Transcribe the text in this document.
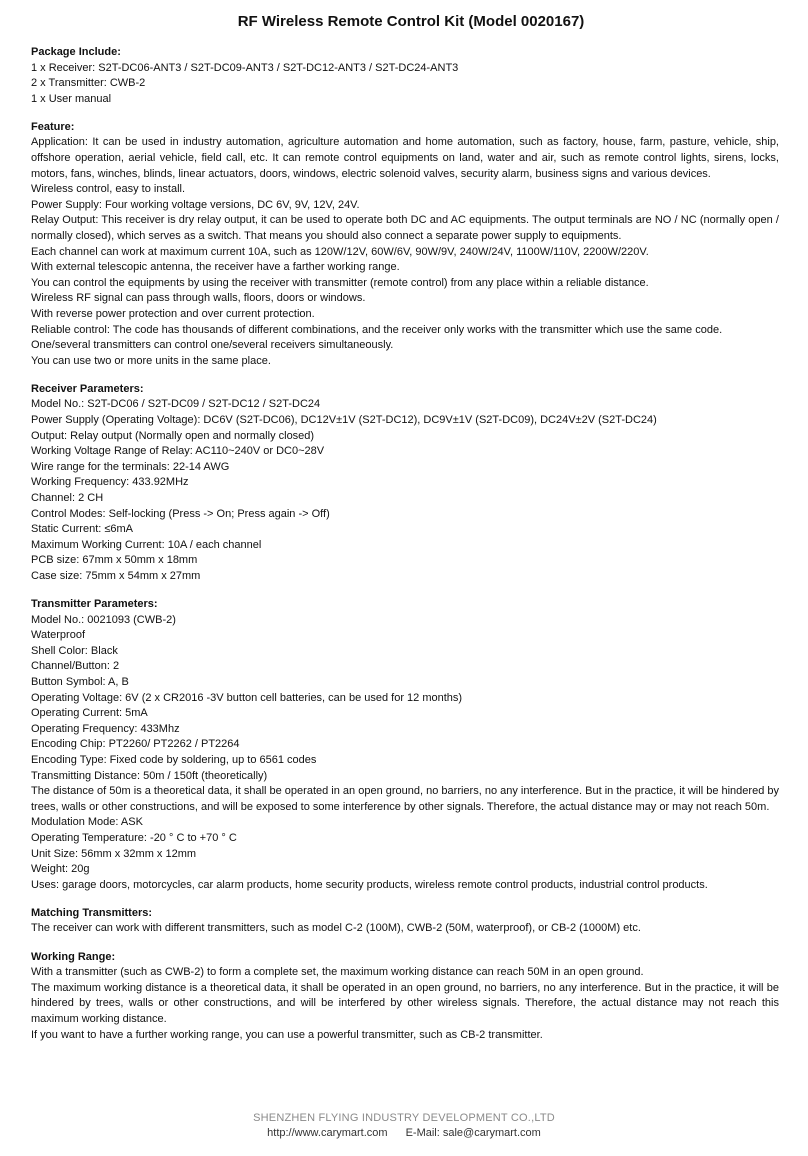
RF Wireless Remote Control Kit (Model 0020167)
Package Include:
1 x Receiver: S2T-DC06-ANT3 / S2T-DC09-ANT3 / S2T-DC12-ANT3 / S2T-DC24-ANT3
2 x Transmitter: CWB-2
1 x User manual
Feature:
Application: It can be used in industry automation, agriculture automation and home automation, such as factory, house, farm, pasture, vehicle, ship, offshore operation, aerial vehicle, field call, etc. It can remote control equipments on land, water and air, such as remote control lights, sirens, locks, motors, fans, winches, blinds, linear actuators, doors, windows, electric solenoid valves, security alarm, business signs and various devices.
Wireless control, easy to install.
Power Supply: Four working voltage versions, DC 6V, 9V, 12V, 24V.
Relay Output: This receiver is dry relay output, it can be used to operate both DC and AC equipments. The output terminals are NO / NC (normally open / normally closed), which serves as a switch. That means you should also connect a separate power supply to equipments.
Each channel can work at maximum current 10A, such as 120W/12V, 60W/6V, 90W/9V, 240W/24V, 1100W/110V, 2200W/220V.
With external telescopic antenna, the receiver have a farther working range.
You can control the equipments by using the receiver with transmitter (remote control) from any place within a reliable distance.
Wireless RF signal can pass through walls, floors, doors or windows.
With reverse power protection and over current protection.
Reliable control: The code has thousands of different combinations, and the receiver only works with the transmitter which use the same code.
One/several transmitters can control one/several receivers simultaneously.
You can use two or more units in the same place.
Receiver Parameters:
Model No.: S2T-DC06 / S2T-DC09 / S2T-DC12 / S2T-DC24
Power Supply (Operating Voltage): DC6V (S2T-DC06), DC12V±1V (S2T-DC12), DC9V±1V (S2T-DC09), DC24V±2V (S2T-DC24)
Output: Relay output (Normally open and normally closed)
Working Voltage Range of Relay: AC110~240V or DC0~28V
Wire range for the terminals: 22-14 AWG
Working Frequency: 433.92MHz
Channel: 2 CH
Control Modes: Self-locking (Press -> On; Press again -> Off)
Static Current: ≤6mA
Maximum Working Current: 10A / each channel
PCB size: 67mm x 50mm x 18mm
Case size: 75mm x 54mm x 27mm
Transmitter Parameters:
Model No.: 0021093 (CWB-2)
Waterproof
Shell Color: Black
Channel/Button: 2
Button Symbol: A, B
Operating Voltage: 6V (2 x CR2016 -3V button cell batteries, can be used for 12 months)
Operating Current: 5mA
Operating Frequency: 433Mhz
Encoding Chip: PT2260/ PT2262 / PT2264
Encoding Type: Fixed code by soldering, up to 6561 codes
Transmitting Distance: 50m / 150ft (theoretically)
The distance of 50m is a theoretical data, it shall be operated in an open ground, no barriers, no any interference. But in the practice, it will be hindered by trees, walls or other constructions, and will be exposed to some interference by other signals. Therefore, the actual distance may or may not reach 50m.
Modulation Mode: ASK
Operating Temperature: -20 ° C to +70 ° C
Unit Size: 56mm x 32mm x 12mm
Weight: 20g
Uses: garage doors, motorcycles, car alarm products, home security products, wireless remote control products, industrial control products.
Matching Transmitters:
The receiver can work with different transmitters, such as model C-2 (100M), CWB-2 (50M, waterproof), or CB-2 (1000M) etc.
Working Range:
With a transmitter (such as CWB-2) to form a complete set, the maximum working distance can reach 50M in an open ground.
The maximum working distance is a theoretical data, it shall be operated in an open ground, no barriers, no any interference. But in the practice, it will be hindered by trees, walls or other constructions, and will be interfered by other wireless signals. Therefore, the actual distance may not reach this maximum working distance.
If you want to have a further working range, you can use a powerful transmitter, such as CB-2 transmitter.
SHENZHEN FLYING INDUSTRY DEVELOPMENT CO.,LTD
http://www.carymart.com E-Mail: sale@carymart.com
